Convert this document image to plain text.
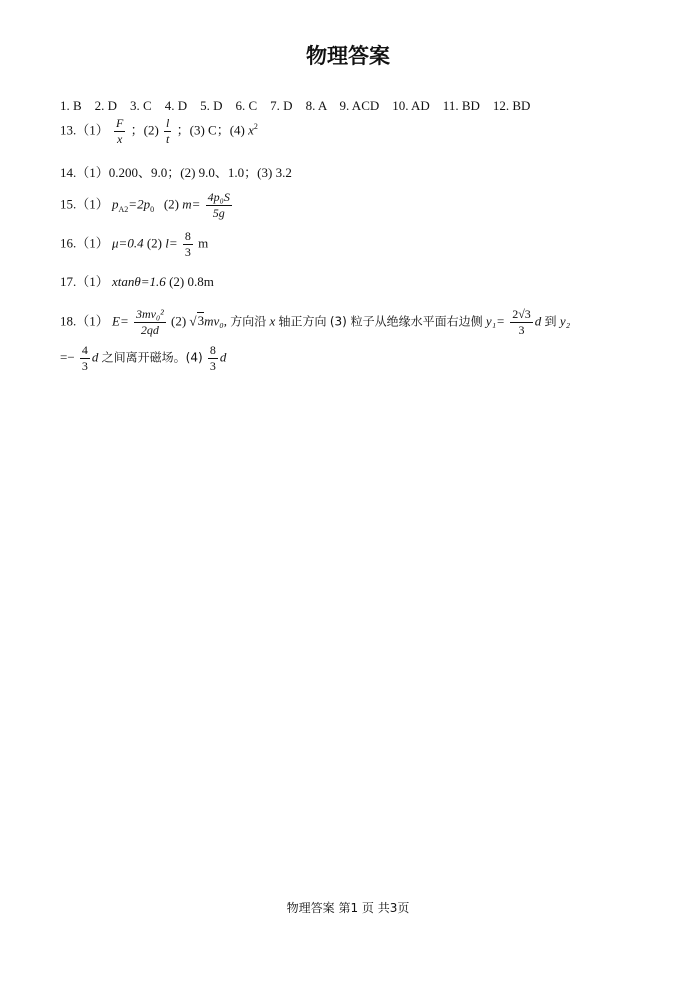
物理答案
1. B　2. D　3. C　4. D　5. D　6. C　7. D　8. A　9. ACD　10. AD　11. BD　12. BD
$13.(1) \frac{F}{x}$ ；$(2) \frac{l}{t}$ ；(3) C；(4) $x^2$
14.（1）0.200、9.0；(2) 9.0、1.0；(3) 3.2
15.（1） $p_{A2}=2p_0$ (2) $m= \frac{\text{4p₀S}}{5g}$
16.（1） μ=0.4 (2) $l= \frac{8}{3}$ m
17.（1） xtanθ=1.6 (2) 0.8m
18.（1） $E= \frac{\text{3mv₀²}}{2qd} (2)$ √3mv₀, 方向沿 x 轴正方向 (3) 粒子从绝缘水平面右边侧 $y_1= \frac{2√3}{3}$ d 到 y₂
=− $\frac{4}{3}$ d 之间离开磁场。$(4) \frac{8}{3}$ d
物理答案 第1 页 共3页
